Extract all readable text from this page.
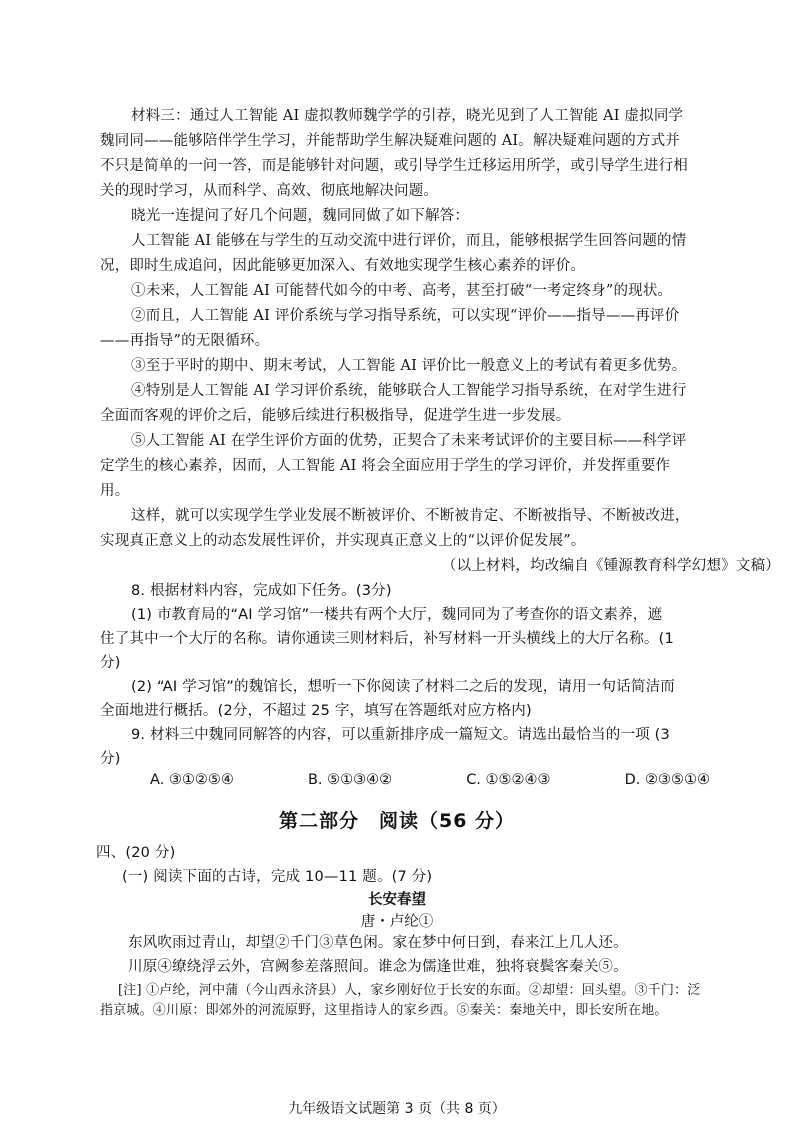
材料三：通过人工智能 AI 虚拟教师魏学学的引荐，晓光见到了人工智能 AI 虚拟同学
魏同同——能够陪伴学生学习，并能帮助学生解决疑难问题的 AI。解决疑难问题的方式并
不只是简单的一问一答，而是能够针对问题，或引导学生迁移运用所学，或引导学生进行相
关的现时学习，从而科学、高效、彻底地解决问题。
晓光一连提问了好几个问题，魏同同做了如下解答：
人工智能 AI 能够在与学生的互动交流中进行评价，而且，能够根据学生回答问题的情
况，即时生成追问，因此能够更加深入、有效地实现学生核心素养的评价。
①未来，人工智能 AI 可能替代如今的中考、高考，甚至打破“一考定终身”的现状。
②而且，人工智能 AI 评价系统与学习指导系统，可以实现“评价——指导——再评价
——再指导”的无限循环。
③至于平时的期中、期末考试，人工智能 AI 评价比一般意义上的考试有着更多优势。
④特别是人工智能 AI 学习评价系统，能够联合人工智能学习指导系统，在对学生进行
全面而客观的评价之后，能够后续进行积极指导，促进学生进一步发展。
⑤人工智能 AI 在学生评价方面的优势，正契合了未来考试评价的主要目标——科学评
定学生的核心素养，因而，人工智能 AI 将会全面应用于学生的学习评价，并发挥重要作
用。
这样，就可以实现学生学业发展不断被评价、不断被肯定、不断被指导、不断被改进，
实现真正意义上的动态发展性评价，并实现真正意义上的“以评价促发展”。
（以上材料，均改编自《锺源教育科学幻想》文稿）
8. 根据材料内容，完成如下任务。(3分)
(1) 市教育局的“AI 学习馆”一楼共有两个大厅，魏同同为了考查你的语文素养，遮
住了其中一个大厅的名称。请你通读三则材料后，补写材料一开头横线上的大厅名称。(1
分)
(2) “AI 学习馆”的魏馆长，想听一下你阅读了材料二之后的发现，请用一句话简洁而
全面地进行概括。(2分，不超过 25 字，填写在答题纸对应方格内)
9. 材料三中魏同同解答的内容，可以重新排序成一篇短文。请选出最恰当的一项 (3
分)
A. ③①②⑤④	B. ⑤①③④②	C. ①⑤②④③	D. ②③⑤①④
第二部分　阅读（56 分）
四、(20 分)
(一) 阅读下面的古诗，完成 10—11 题。(7 分)
长安春望
唐・卢纶①
东风吹雨过青山，却望②千门③草色闲。家在梦中何日到，春来江上几人还。
川原④缭绕浮云外，宫阙参差落照间。谁念为儒逢世难，独将衰鬓客秦关⑤。
[注] ①卢纶，河中蒲（今山西永济县）人，家乡刚好位于长安的东面。②却望：回头望。③千门：泛
指京城。④川原：即郊外的河流原野，这里指诗人的家乡西。⑤秦关：秦地关中，即长安所在地。
九年级语文试题第 3 页（共 8 页）
